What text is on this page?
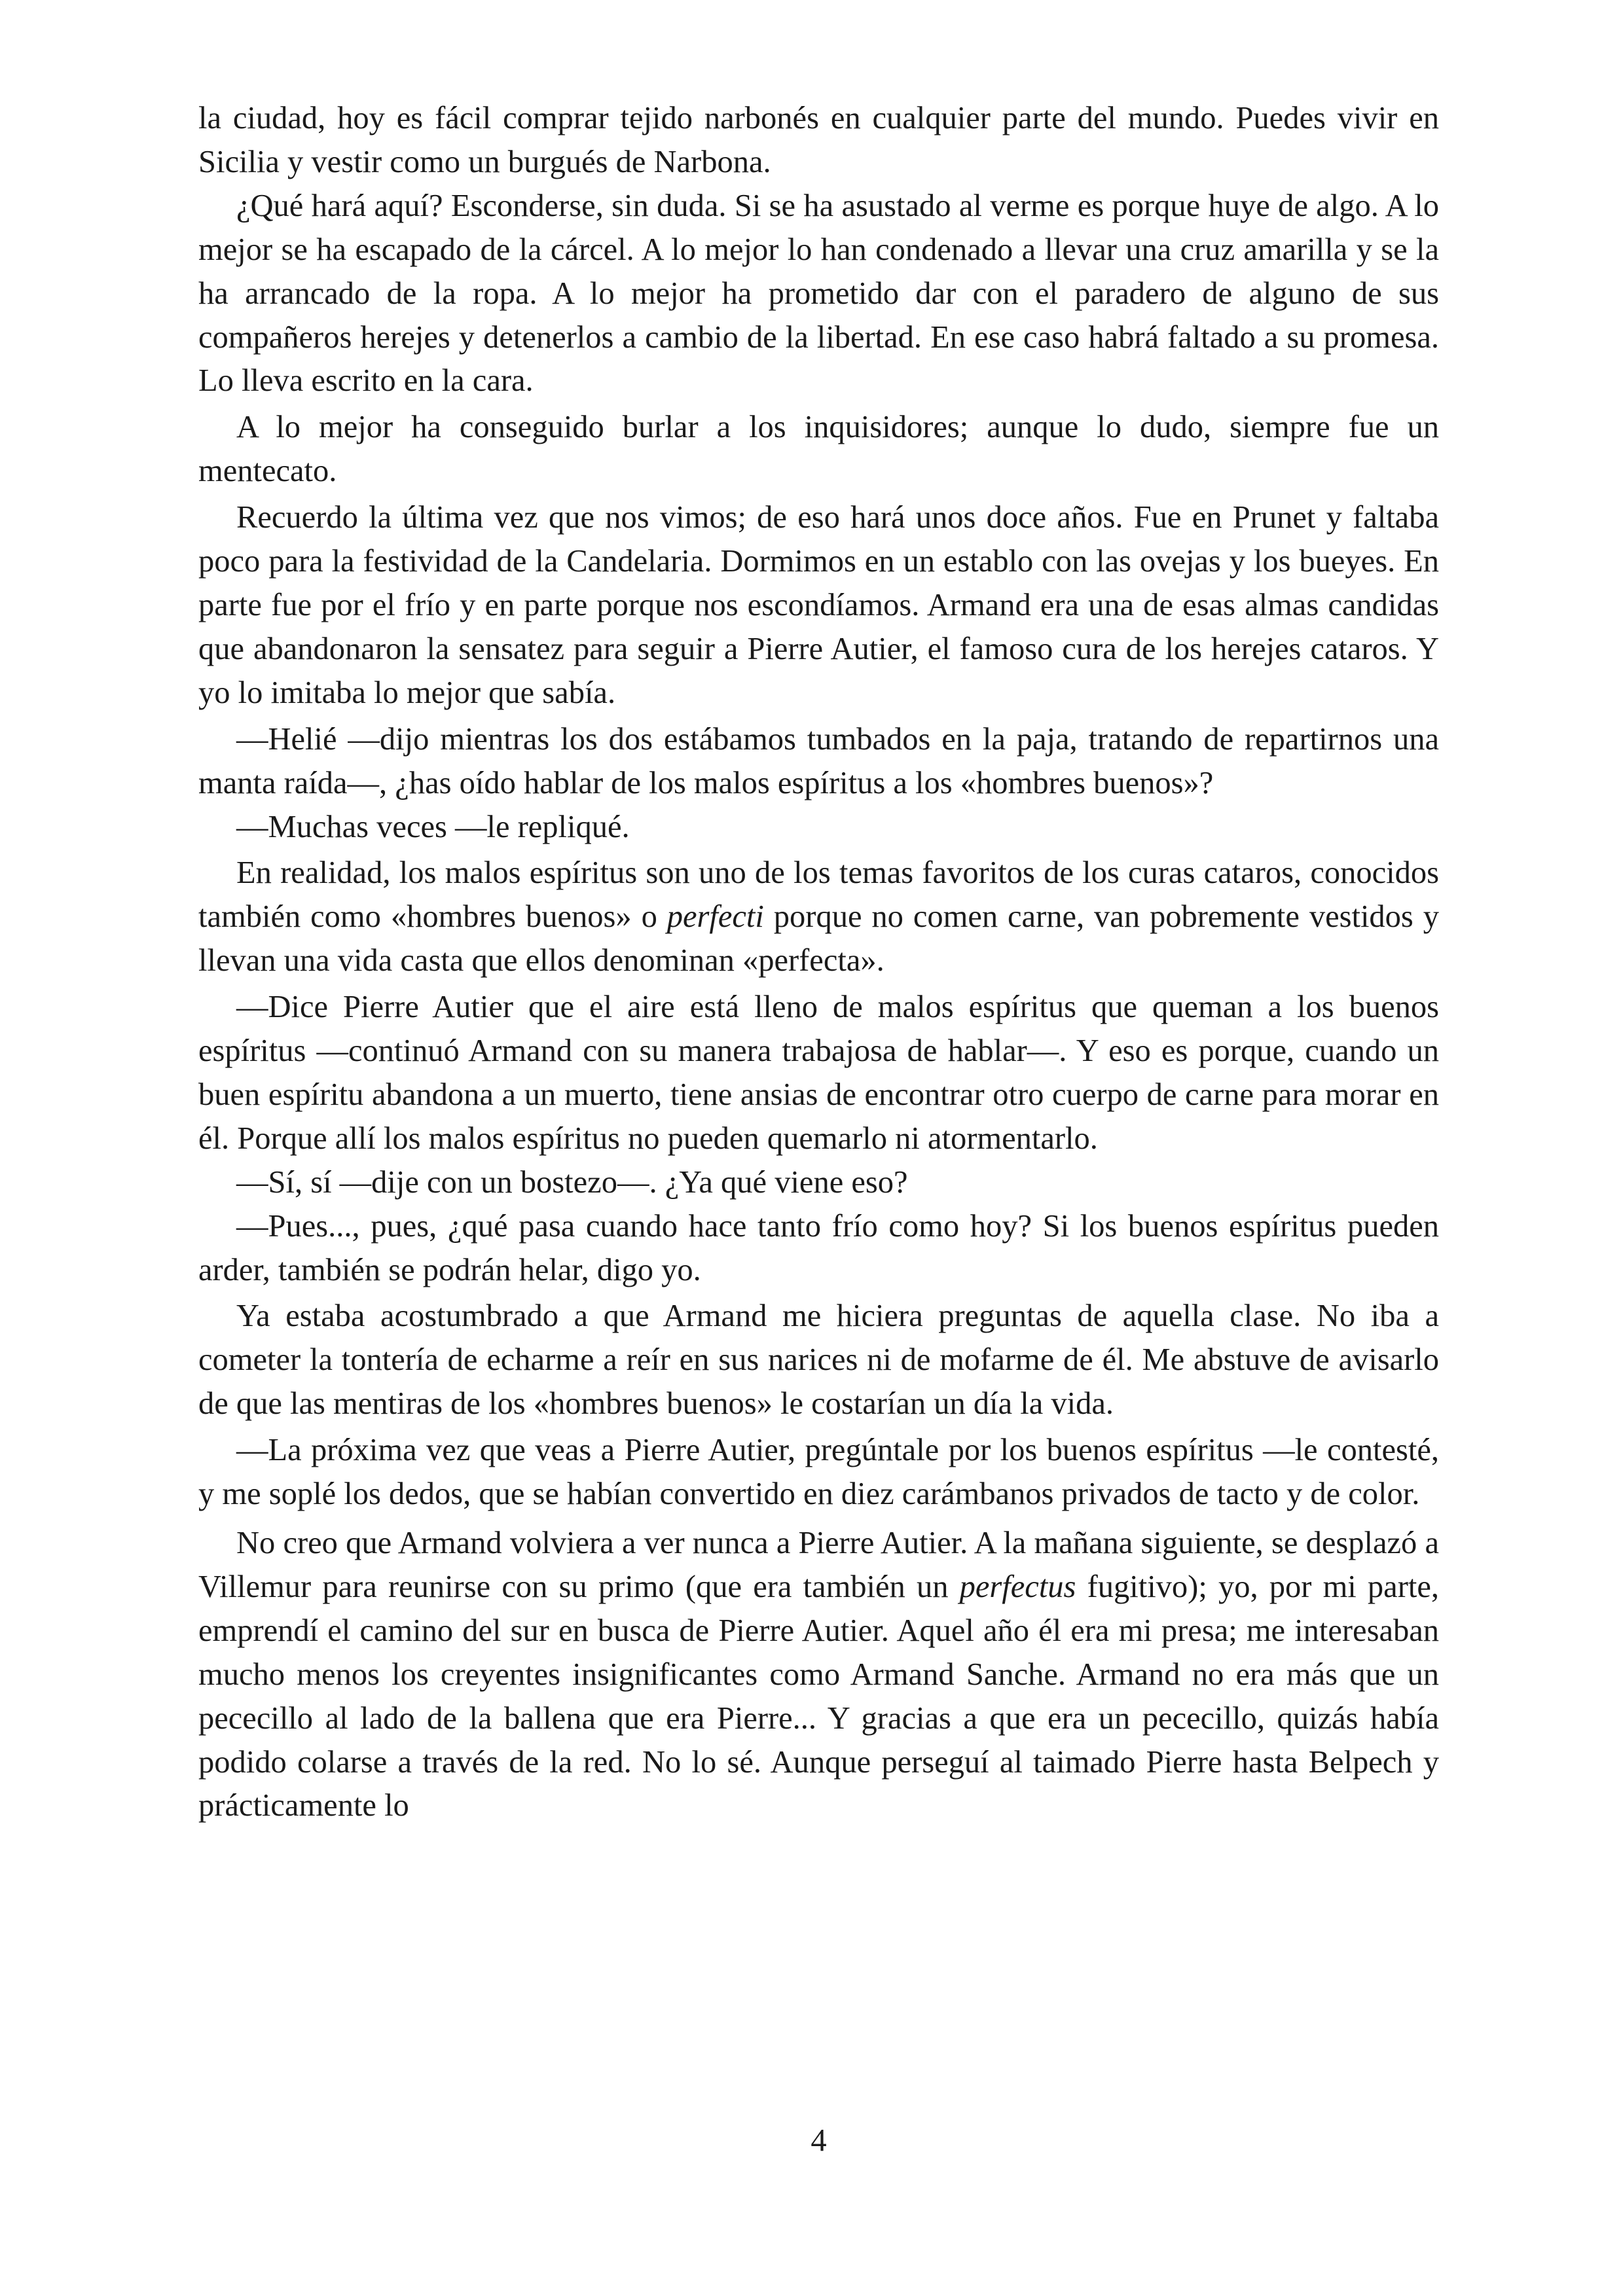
la ciudad, hoy es fácil comprar tejido narbonés en cualquier parte del mundo. Puedes vivir en Sicilia y vestir como un burgués de Narbona.

¿Qué hará aquí? Esconderse, sin duda. Si se ha asustado al verme es porque huye de algo. A lo mejor se ha escapado de la cárcel. A lo mejor lo han condenado a llevar una cruz amarilla y se la ha arrancado de la ropa. A lo mejor ha prometido dar con el paradero de alguno de sus compañeros herejes y detenerlos a cambio de la libertad. En ese caso habrá faltado a su promesa. Lo lleva escrito en la cara.

A lo mejor ha conseguido burlar a los inquisidores; aunque lo dudo, siempre fue un mentecato.

Recuerdo la última vez que nos vimos; de eso hará unos doce años. Fue en Prunet y faltaba poco para la festividad de la Candelaria. Dormimos en un establo con las ovejas y los bueyes. En parte fue por el frío y en parte porque nos escondíamos. Armand era una de esas almas candidas que abandonaron la sensatez para seguir a Pierre Autier, el famoso cura de los herejes cataros. Y yo lo imitaba lo mejor que sabía.

—Helié —dijo mientras los dos estábamos tumbados en la paja, tratando de repartirnos una manta raída—, ¿has oído hablar de los malos espíritus a los «hombres buenos»?

—Muchas veces —le repliqué.

En realidad, los malos espíritus son uno de los temas favoritos de los curas cataros, conocidos también como «hombres buenos» o perfecti porque no comen carne, van pobremente vestidos y llevan una vida casta que ellos denominan «perfecta».

—Dice Pierre Autier que el aire está lleno de malos espíritus que queman a los buenos espíritus —continuó Armand con su manera trabajosa de hablar—. Y eso es porque, cuando un buen espíritu abandona a un muerto, tiene ansias de encontrar otro cuerpo de carne para morar en él. Porque allí los malos espíritus no pueden quemarlo ni atormentarlo.

—Sí, sí —dije con un bostezo—. ¿Ya qué viene eso?

—Pues..., pues, ¿qué pasa cuando hace tanto frío como hoy? Si los buenos espíritus pueden arder, también se podrán helar, digo yo.

Ya estaba acostumbrado a que Armand me hiciera preguntas de aquella clase. No iba a cometer la tontería de echarme a reír en sus narices ni de mofarme de él. Me abstuve de avisarlo de que las mentiras de los «hombres buenos» le costarían un día la vida.

—La próxima vez que veas a Pierre Autier, pregúntale por los buenos espíritus —le contesté, y me soplé los dedos, que se habían convertido en diez carámbanos privados de tacto y de color.

No creo que Armand volviera a ver nunca a Pierre Autier. A la mañana siguiente, se desplazó a Villemur para reunirse con su primo (que era también un perfectus fugitivo); yo, por mi parte, emprendí el camino del sur en busca de Pierre Autier. Aquel año él era mi presa; me interesaban mucho menos los creyentes insignificantes como Armand Sanche. Armand no era más que un pececillo al lado de la ballena que era Pierre... Y gracias a que era un pececillo, quizás había podido colarse a través de la red. No lo sé. Aunque perseguí al taimado Pierre hasta Belpech y prácticamente lo

4
